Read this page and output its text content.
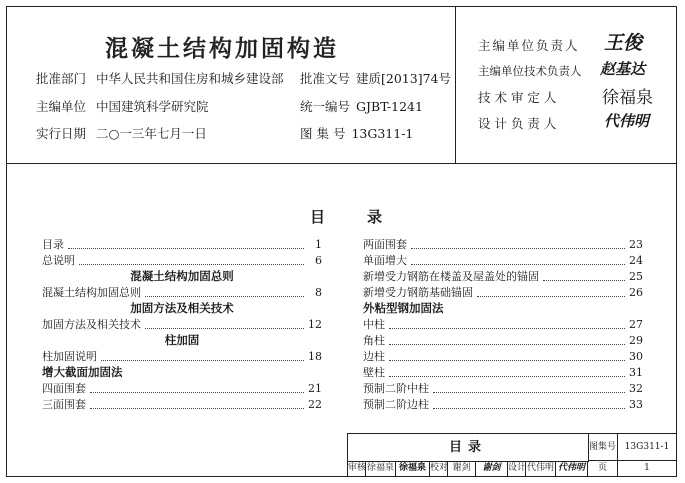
混凝土结构加固构造
批准部门 中华人民共和国住房和城乡建设部
主编单位 中国建筑科学研究院
实行日期 二○一三年七月一日
批准文号 建质[2013]74号
统一编号 GJBT-1241
图 集 号 13G311-1
主编单位负责人 王俊
主编单位技术负责人 赵基达
技 术 审 定 人	徐福泉
设 计 负 责 人	代伟明
目	录
目录	1
总说明	6
混凝土结构加固总则
混凝土结构加固总则	8
加固方法及相关技术
加固方法及相关技术	12
柱加固
柱加固说明	18
增大截面加固法
四面围套	21
三面围套	22
两面围套	23
单面增大	24
新增受力钢筋在楼盖及屋盖处的锚固	25
新增受力钢筋基础锚固	26
外粘型钢加固法
中柱	27
角柱	29
边柱	30
壁柱	31
预制二阶中柱	32
预制二阶边柱	33
目录	图集号 13G311-1
审核 徐福泉 徐福泉 校对 谢剑	谢剑 设计 代伟明 代伟明	页	1
